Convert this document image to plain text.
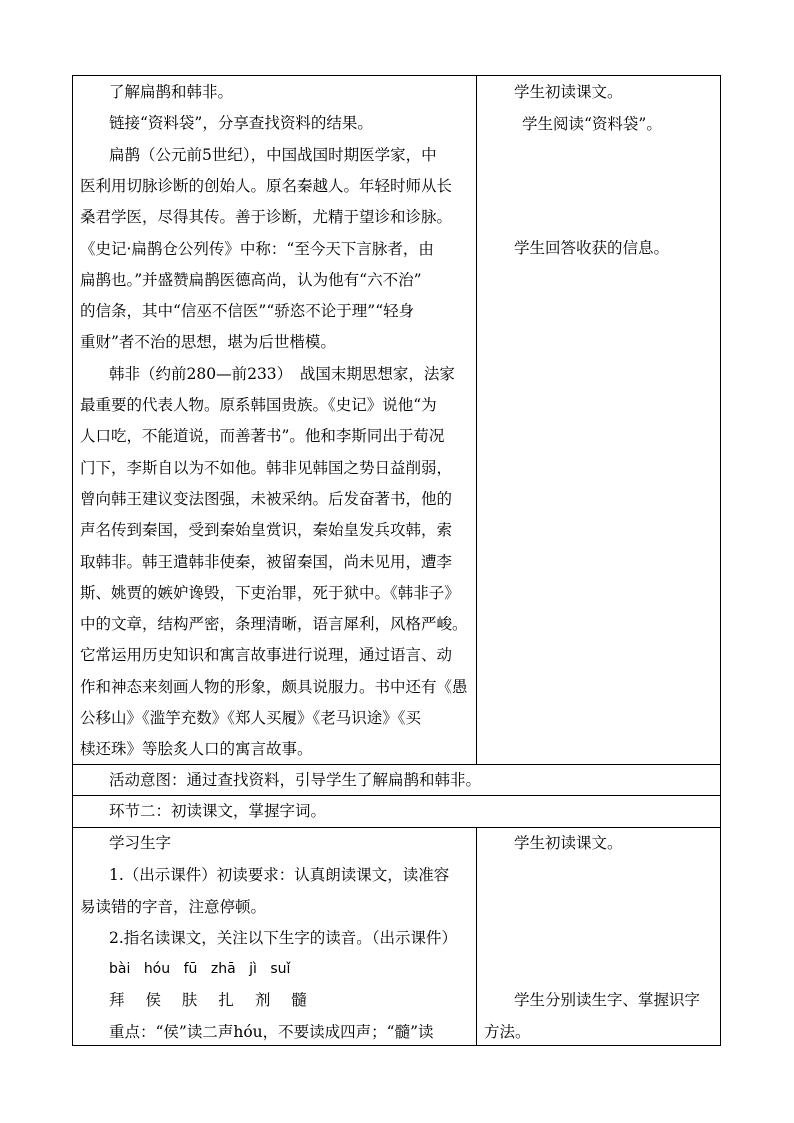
了解扁鹊和韩非。
链接“资料袋”，分享查找资料的结果。
扁鹊（公元前5世纪），中国战国时期医学家，中
医利用切脉诊断的创始人。原名秦越人。年轻时师从长
桑君学医，尽得其传。善于诊断，尤精于望诊和诊脉。
《史记·扁鹊仓公列传》中称：“至今天下言脉者，由
扁鹊也。”并盛赞扁鹊医德高尚，认为他有“六不治”
的信条，其中“信巫不信医”“骄恣不论于理”“轻身
重财”者不治的思想，堪为后世楷模。
韩非（约前280—前233）　战国末期思想家，法家
最重要的代表人物。原系韩国贵族。《史记》说他“为
人口吃，不能道说，而善著书”。他和李斯同出于荀况
门下，李斯自以为不如他。韩非见韩国之势日益削弱，
曾向韩王建议变法图强，未被采纳。后发奋著书，他的
声名传到秦国，受到秦始皇赏识，秦始皇发兵攻韩，索
取韩非。韩王遣韩非使秦，被留秦国，尚未见用，遭李
斯、姚贾的嫉妒谗毁，下吏治罪，死于狱中。《韩非子》
中的文章，结构严密，条理清晰，语言犀利，风格严峻。
它常运用历史知识和寓言故事进行说理，通过语言、动
作和神态来刻画人物的形象，颇具说服力。书中还有《愚
公移山》《滥竽充数》《郑人买履》《老马识途》《买
椟还珠》等脍炙人口的寓言故事。
学生初读课文。
学生阅读“资料袋”。
学生回答收获的信息。
活动意图：通过查找资料，引导学生了解扁鹊和韩非。
环节二：初读课文，掌握字词。
学习生字
1.（出示课件）初读要求：认真朗读课文，读准容
易读错的字音，注意停顿。
2.指名读课文，关注以下生字的读音。（出示课件）
bài hóu fū zhā jì suǐ
拜 侯 肤 扎 剂 髓
重点：“侯”读二声hóu，不要读成四声；“髓”读
学生初读课文。
学生分别读生字、掌握识字
方法。
